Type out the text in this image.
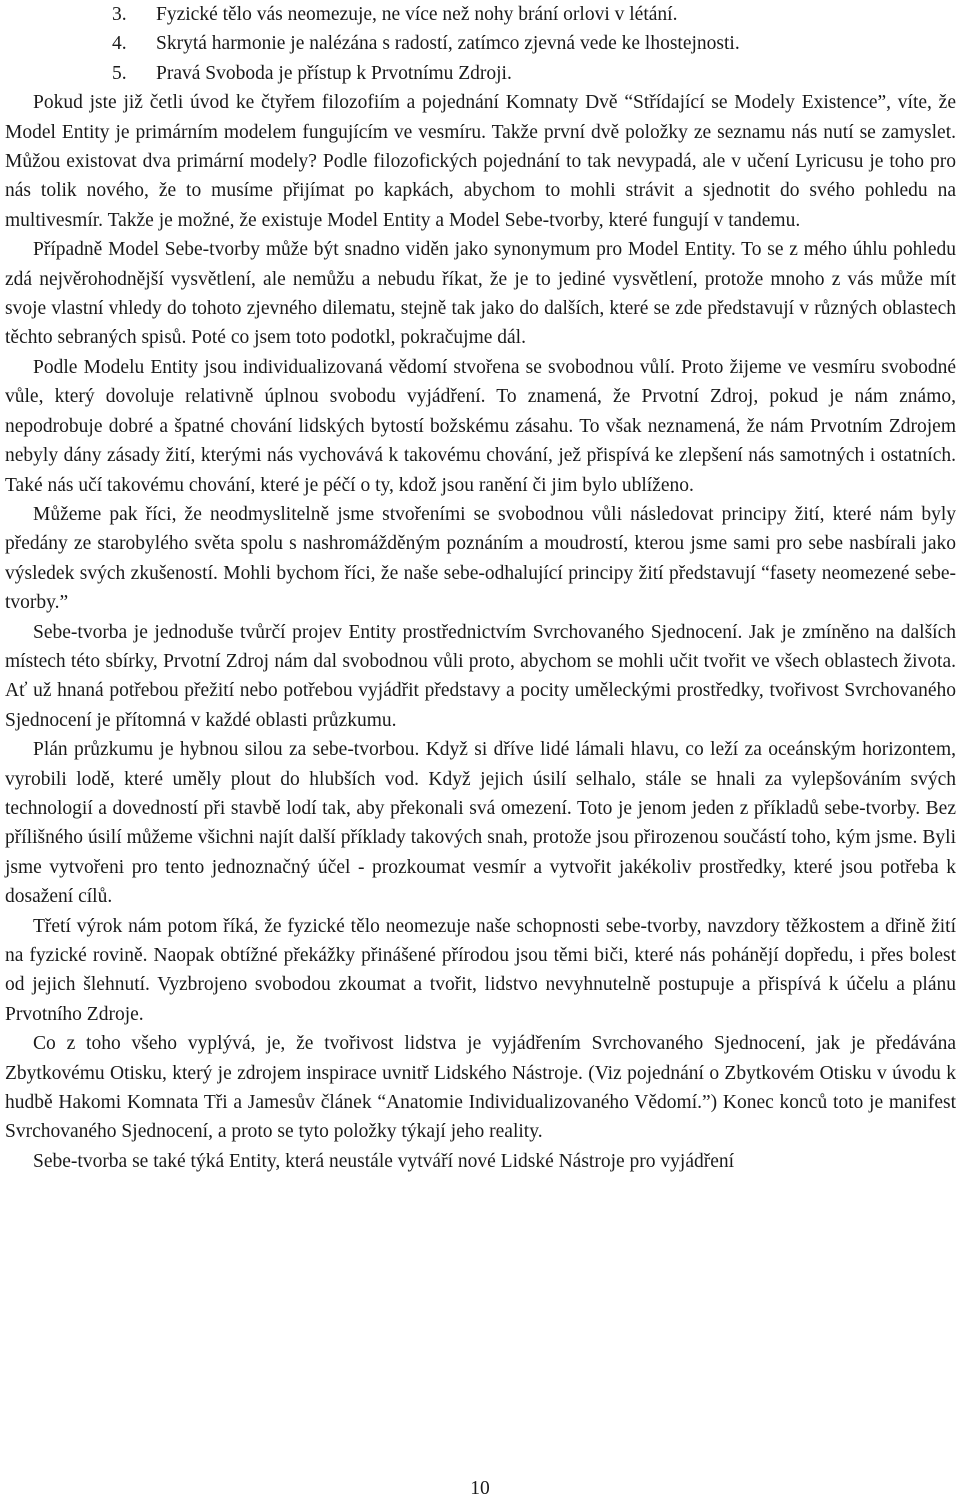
3.	Fyzické tělo vás neomezuje, ne více než nohy brání orlovi v létání.
4.	Skrytá harmonie je nalézána s radostí, zatímco zjevná vede ke lhostejnosti.
5.	Pravá Svoboda je přístup k Prvotnímu Zdroji.

Pokud jste již četli úvod ke čtyřem filozofiím a pojednání Komnaty Dvě “Střídající se Modely Existence”, víte, že Model Entity je primárním modelem fungujícím ve vesmíru. Takže první dvě položky ze seznamu nás nutí se zamyslet. Můžou existovat dva primární modely? Podle filozofických pojednání to tak nevypadá, ale v učení Lyricusu je toho pro nás tolik nového, že to musíme přijímat po kapkách, abychom to mohli strávit a sjednotit do svého pohledu na multivesmír. Takže je možné, že existuje Model Entity a Model Sebe-tvorby, které fungují v tandemu.

Případně Model Sebe-tvorby může být snadno viděn jako synonymum pro Model Entity. To se z mého úhlu pohledu zdá nejvěrohodnější vysvětlení, ale nemůžu a nebudu říkat, že je to jediné vysvětlení, protože mnoho z vás může mít svoje vlastní vhledy do tohoto zjevného dilematu, stejně tak jako do dalších, které se zde představují v různých oblastech těchto sebraných spisů. Poté co jsem toto podotkl, pokračujme dál.

Podle Modelu Entity jsou individualizovaná vědomí stvořena se svobodnou vůlí. Proto žijeme ve vesmíru svobodné vůle, který dovoluje relativně úplnou svobodu vyjádření. To znamená, že Prvotní Zdroj, pokud je nám známo, nepodrobuje dobré a špatné chování lidských bytostí božskému zásahu. To však neznamená, že nám Prvotním Zdrojem nebyly dány zásady žití, kterými nás vychovává k takovému chování, jež přispívá ke zlepšení nás samotných i ostatních. Také nás učí takovému chování, které je péčí o ty, kdož jsou ranění či jim bylo ublíženo.

Můžeme pak říci, že neodmyslitelně jsme stvořeními se svobodnou vůli následovat principy žití, které nám byly předány ze starobylého světa spolu s nashromážděným poznáním a moudrostí, kterou jsme sami pro sebe nasbírali jako výsledek svých zkušeností. Mohli bychom říci, že naše sebe-odhalující principy žití představují “fasety neomezené sebe-tvorby.”

Sebe-tvorba je jednoduše tvůrčí projev Entity prostřednictvím Svrchovaného Sjednocení. Jak je zmíněno na dalších místech této sbírky, Prvotní Zdroj nám dal svobodnou vůli proto, abychom se mohli učit tvořit ve všech oblastech života. Ať už hnaná potřebou přežití nebo potřebou vyjádřit představy a pocity uměleckými prostředky, tvořivost Svrchovaného Sjednocení je přítomná v každé oblasti průzkumu.

Plán průzkumu je hybnou silou za sebe-tvorbou. Když si dříve lidé lámali hlavu, co leží za oceánským horizontem, vyrobili lodě, které uměly plout do hlubších vod. Když jejich úsilí selhalo, stále se hnali za vylepšováním svých technologií a dovedností při stavbě lodí tak, aby překonali svá omezení. Toto je jenom jeden z příkladů sebe-tvorby. Bez přílišného úsilí můžeme všichni najít další příklady takových snah, protože jsou přirozenou součástí toho, kým jsme. Byli jsme vytvořeni pro tento jednoznačný účel - prozkoumat vesmír a vytvořit jakékoliv prostředky, které jsou potřeba k dosažení cílů.

Třetí výrok nám potom říká, že fyzické tělo neomezuje naše schopnosti sebe-tvorby, navzdory těžkostem a dřině žití na fyzické rovině. Naopak obtížné překážky přinášené přírodou jsou těmi biči, které nás pohánějí dopředu, i přes bolest od jejich šlehnutí. Vyzbrojeno svobodou zkoumat a tvořit, lidstvo nevyhnutelně postupuje a přispívá k účelu a plánu Prvotního Zdroje.

Co z toho všeho vyplývá, je, že tvořivost lidstva je vyjádřením Svrchovaného Sjednocení, jak je předávána Zbytkovému Otisku, který je zdrojem inspirace uvnitř Lidského Nástroje. (Viz pojednání o Zbytkovém Otisku v úvodu k hudbě Hakomi Komnata Tři a Jamesův článek “Anatomie Individualizovaného Vědomí.”) Konec konců toto je manifest Svrchovaného Sjednocení, a proto se tyto položky týkají jeho reality.

Sebe-tvorba se také týká Entity, která neustále vytváří nové Lidské Nástroje pro vyjádření

10
